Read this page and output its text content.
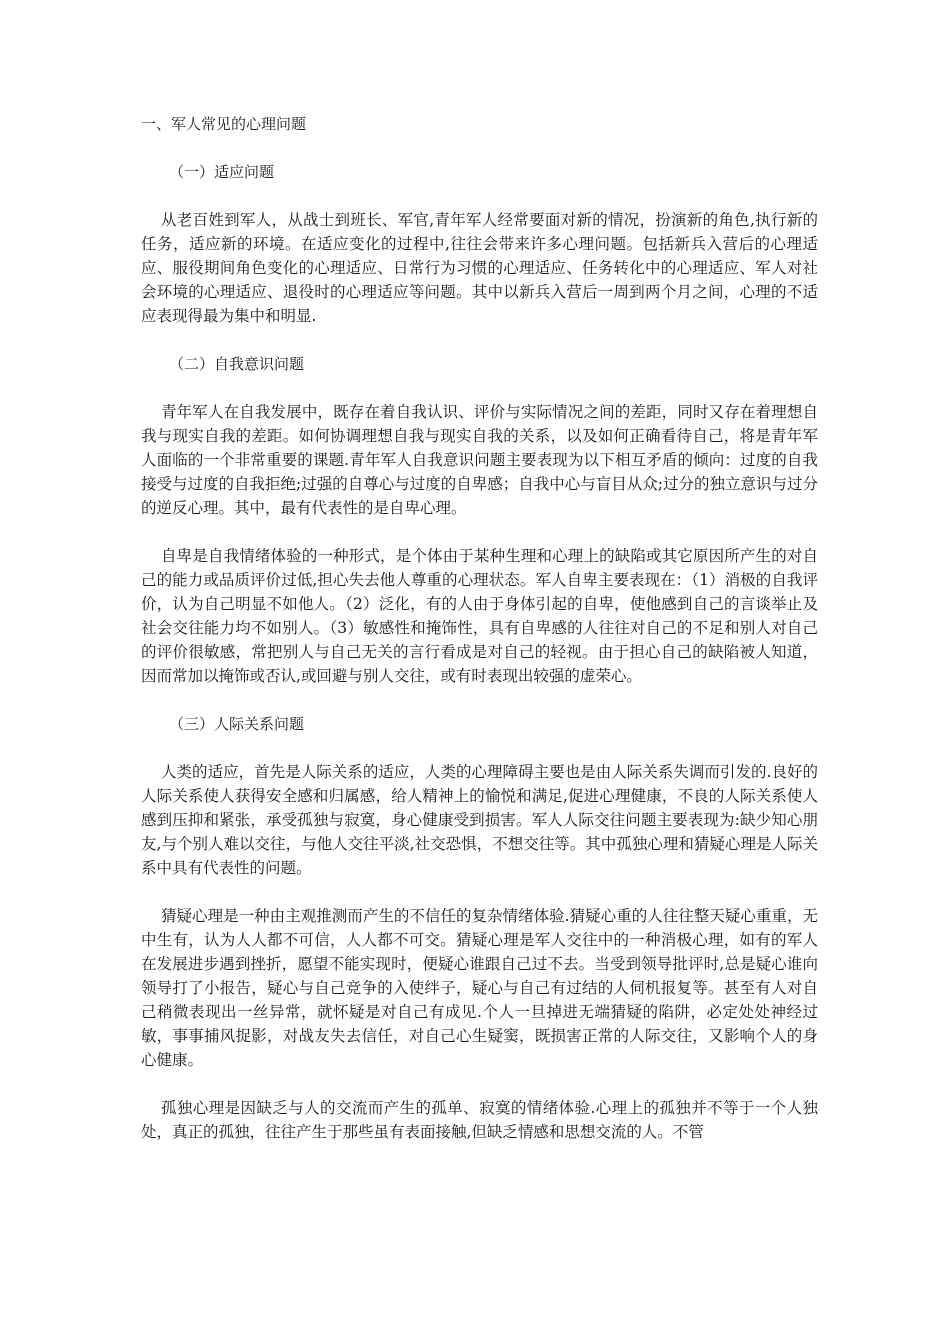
一、军人常见的心理问题
（一）适应问题

从老百姓到军人，从战士到班长、军官,青年军人经常要面对新的情况，扮演新的角色,执行新的任务，适应新的环境。在适应变化的过程中,往往会带来许多心理问题。包括新兵入营后的心理适应、服役期间角色变化的心理适应、日常行为习惯的心理适应、任务转化中的心理适应、军人对社会环境的心理适应、退役时的心理适应等问题。其中以新兵入营后一周到两个月之间，心理的不适应表现得最为集中和明显.

（二）自我意识问题

青年军人在自我发展中，既存在着自我认识、评价与实际情况之间的差距，同时又存在着理想自我与现实自我的差距。如何协调理想自我与现实自我的关系，以及如何正确看待自己，将是青年军人面临的一个非常重要的课题.青年军人自我意识问题主要表现为以下相互矛盾的倾向：过度的自我接受与过度的自我拒绝;过强的自尊心与过度的自卑感；自我中心与盲目从众;过分的独立意识与过分的逆反心理。其中，最有代表性的是自卑心理。

自卑是自我情绪体验的一种形式，是个体由于某种生理和心理上的缺陷或其它原因所产生的对自己的能力或品质评价过低,担心失去他人尊重的心理状态。军人自卑主要表现在：（1）消极的自我评价，认为自己明显不如他人。（2）泛化，有的人由于身体引起的自卑，使他感到自己的言谈举止及社会交往能力均不如别人。（3）敏感性和掩饰性，具有自卑感的人往往对自己的不足和别人对自己的评价很敏感，常把别人与自己无关的言行看成是对自己的轻视。由于担心自己的缺陷被人知道，因而常加以掩饰或否认,或回避与别人交往，或有时表现出较强的虚荣心。

（三）人际关系问题

人类的适应，首先是人际关系的适应，人类的心理障碍主要也是由人际关系失调而引发的.良好的人际关系使人获得安全感和归属感，给人精神上的愉悦和满足,促进心理健康，不良的人际关系使人感到压抑和紧张，承受孤独与寂寞，身心健康受到损害。军人人际交往问题主要表现为:缺少知心朋友,与个别人难以交往，与他人交往平淡,社交恐惧，不想交往等。其中孤独心理和猜疑心理是人际关系中具有代表性的问题。

猜疑心理是一种由主观推测而产生的不信任的复杂情绪体验.猜疑心重的人往往整天疑心重重，无中生有，认为人人都不可信，人人都不可交。猜疑心理是军人交往中的一种消极心理，如有的军人在发展进步遇到挫折，愿望不能实现时，便疑心谁跟自己过不去。当受到领导批评时,总是疑心谁向领导打了小报告，疑心与自己竞争的入使绊子，疑心与自己有过结的人伺机报复等。甚至有人对自己稍微表现出一丝异常，就怀疑是对自己有成见.个人一旦掉进无端猜疑的陷阱，必定处处神经过敏，事事捕风捉影，对战友失去信任，对自己心生疑窦，既损害正常的人际交往，又影响个人的身心健康。

孤独心理是因缺乏与人的交流而产生的孤单、寂寞的情绪体验.心理上的孤独并不等于一个人独处，真正的孤独，往往产生于那些虽有表面接触,但缺乏情感和思想交流的人。不管
